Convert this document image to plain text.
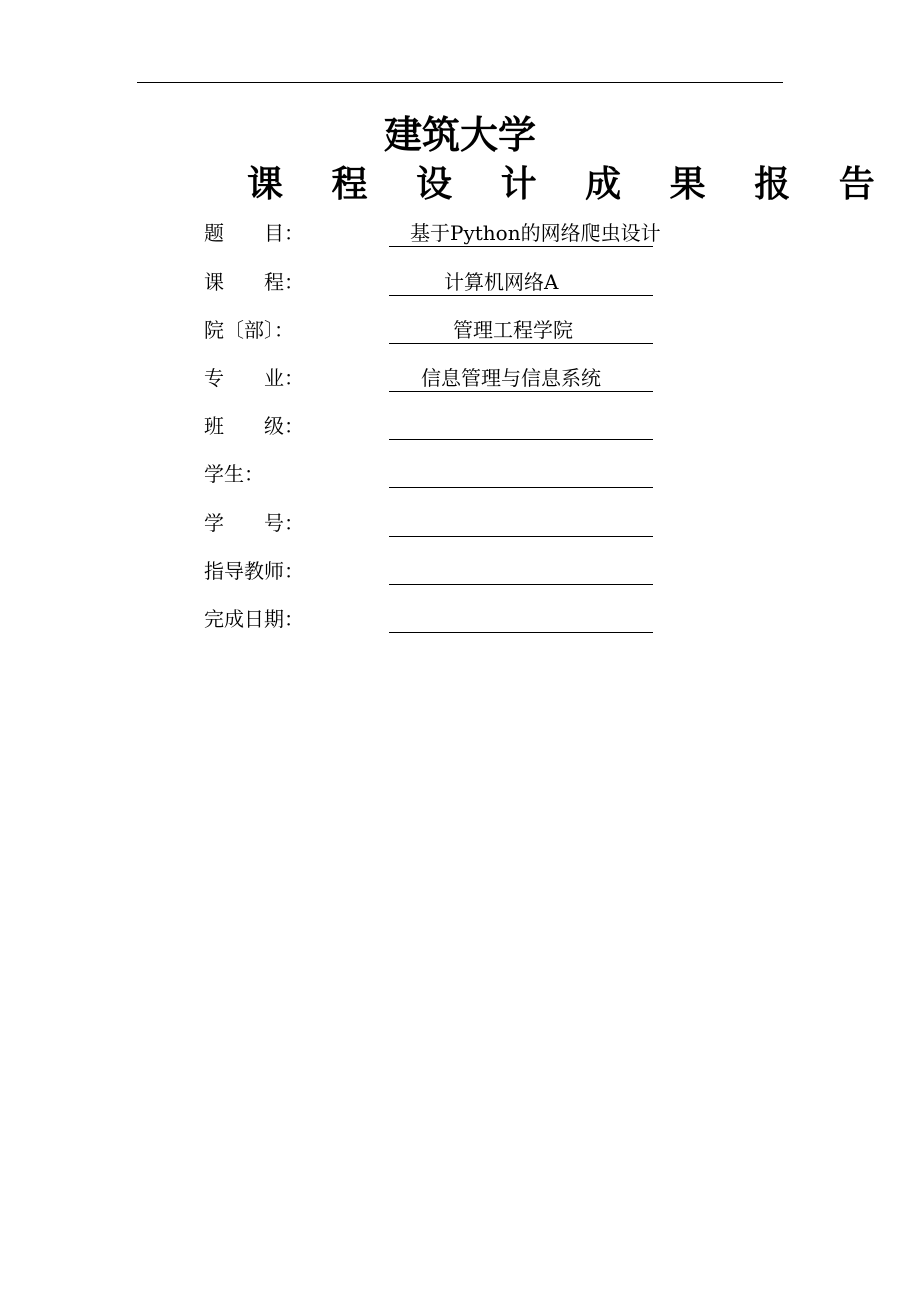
建筑大学
课 程 设 计 成 果 报 告
题　　目：	基于Python的网络爬虫设计
课　　程：	计算机网络A
院〔部〕：	管理工程学院
专　　业：	信息管理与信息系统
班　　级：
学生：
学　　号：
指导教师：
完成日期：
